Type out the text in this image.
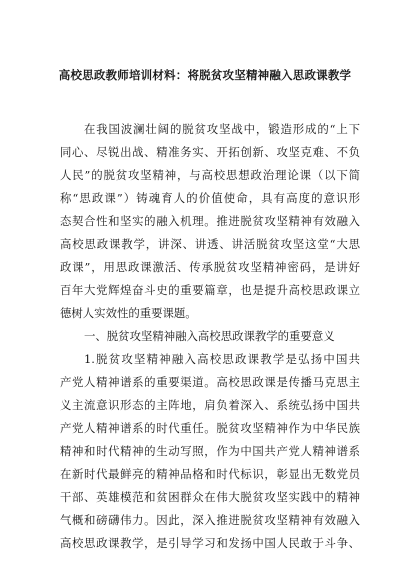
高校思政教师培训材料：将脱贫攻坚精神融入思政课教学
在我国波澜壮阔的脱贫攻坚战中，锻造形成的“上下
同心、尽锐出战、精准务实、开拓创新、攻坚克难、不负
人民”的脱贫攻坚精神，与高校思想政治理论课（以下简
称“思政课”）铸魂育人的价值使命，具有高度的意识形
态契合性和坚实的融入机理。推进脱贫攻坚精神有效融入
高校思政课教学，讲深、讲透、讲活脱贫攻坚这堂“大思
政课”，用思政课激活、传承脱贫攻坚精神密码，是讲好
百年大党辉煌奋斗史的重要篇章，也是提升高校思政课立
德树人实效性的重要课题。
一、脱贫攻坚精神融入高校思政课教学的重要意义
1.脱贫攻坚精神融入高校思政课教学是弘扬中国共
产党人精神谱系的重要渠道。高校思政课是传播马克思主
义主流意识形态的主阵地，肩负着深入、系统弘扬中国共
产党人精神谱系的时代重任。脱贫攻坚精神作为中华民族
精神和时代精神的生动写照，作为中国共产党人精神谱系
在新时代最鲜亮的精神品格和时代标识，彰显出无数党员
干部、英雄模范和贫困群众在伟大脱贫攻坚实践中的精神
气概和磅礴伟力。因此，深入推进脱贫攻坚精神有效融入
高校思政课教学，是引导学习和发扬中国人民敢于斗争、
